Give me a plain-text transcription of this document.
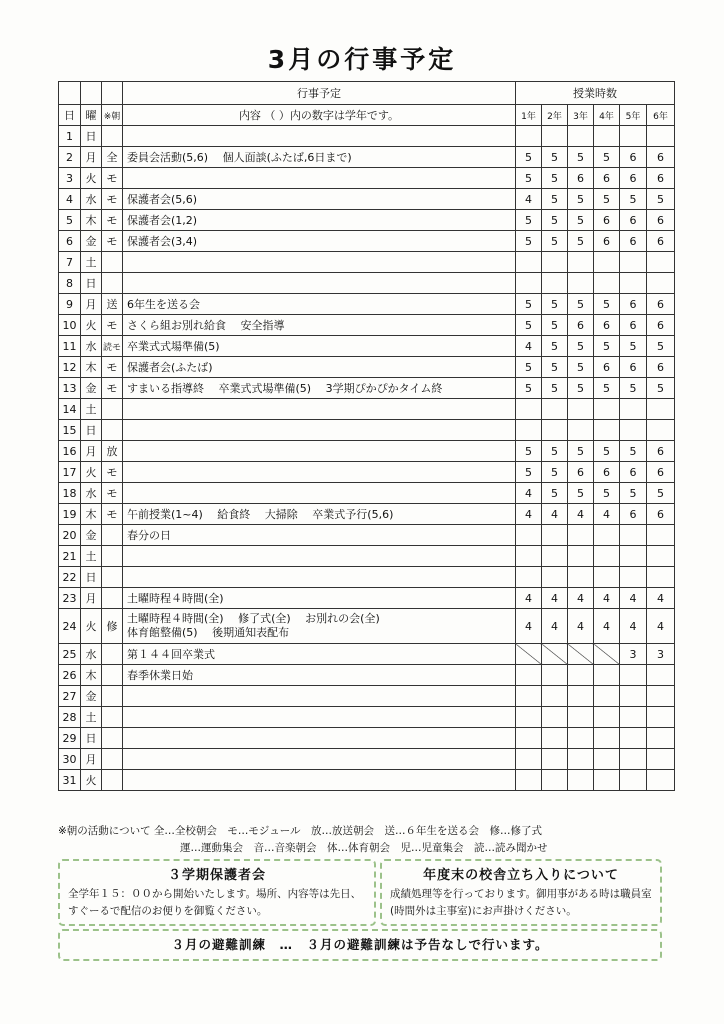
3月の行事予定
			行事予定	授業時数					
日	曜	※朝	内容 （ ）内の数字は学年です。	1年	2年	3年	4年	5年	6年
1	日								
2	月	全	委員会活動(5,6)　 個人面談(ふたば,6日まで)	5	5	5	5	6	6
3	火	モ		5	5	6	6	6	6
4	水	モ	保護者会(5,6)	4	5	5	5	5	5
5	木	モ	保護者会(1,2)	5	5	5	6	6	6
6	金	モ	保護者会(3,4)	5	5	5	6	6	6
7	土								
8	日								
9	月	送	6年生を送る会	5	5	5	5	6	6
10	火	モ	さくら組お別れ給食　 安全指導	5	5	6	6	6	6
11	水	読モ	卒業式式場準備(5)	4	5	5	5	5	5
12	木	モ	保護者会(ふたば)	5	5	5	6	6	6
13	金	モ	すまいる指導終　 卒業式式場準備(5)　 3学期ぴかぴかタイム終	5	5	5	5	5	5
14	土								
15	日								
16	月	放		5	5	5	5	5	6
17	火	モ		5	5	6	6	6	6
18	水	モ		4	5	5	5	5	5
19	木	モ	午前授業(1~4)　 給食終　 大掃除　 卒業式予行(5,6)	4	4	4	4	6	6
20	金		春分の日						
21	土								
22	日								
23	月		土曜時程４時間(全)	4	4	4	4	4	4
24	火	修	土曜時程４時間(全)　 修了式(全)　 お別れの会(全)
体育館整備(5)　 後期通知表配布	4	4	4	4	4	4
25	水		第１４４回卒業式					3	3
26	木		春季休業日始						
27	金								
28	土								
29	日								
30	月								
31	火								
※朝の活動について 全…全校朝会　モ…モジュール　放…放送朝会　送…６年生を送る会　修…修了式
運…運動集会　音…音楽朝会　体…体育朝会　児…児童集会　読…読み聞かせ
３学期保護者会
全学年１５：００から開始いたします。場所、内容等は先日、すぐーるで配信のお便りを御覧ください。
年度末の校舎立ち入りについて
成績処理等を行っております。御用事がある時は職員室(時間外は主事室)にお声掛けください。
３月の避難訓練　…　３月の避難訓練は予告なしで行います。
